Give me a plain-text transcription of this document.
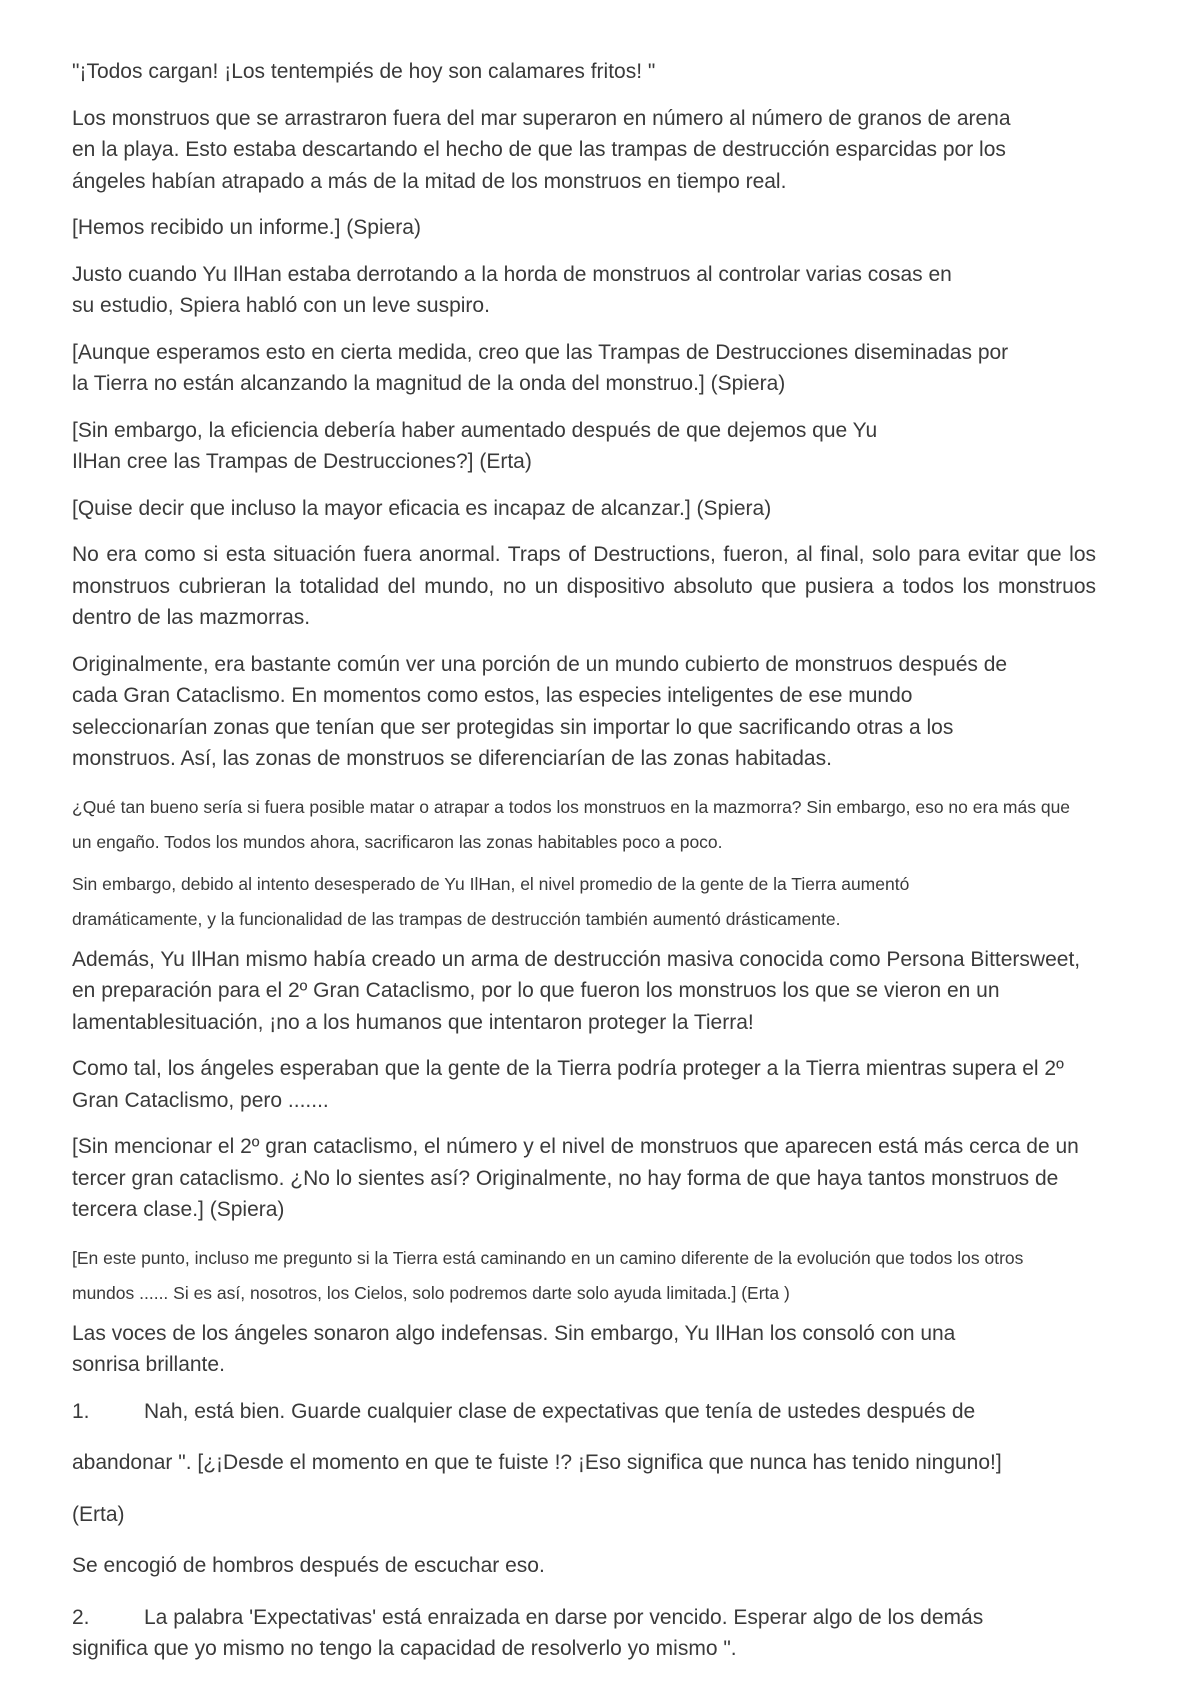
"¡Todos cargan! ¡Los tentempiés de hoy son calamares fritos! "

Los monstruos que se arrastraron fuera del mar superaron en número al número de granos de arena en la playa. Esto estaba descartando el hecho de que las trampas de destrucción esparcidas por los ángeles habían atrapado a más de la mitad de los monstruos en tiempo real.

[Hemos recibido un informe.] (Spiera)

Justo cuando Yu IlHan estaba derrotando a la horda de monstruos al controlar varias cosas en su estudio, Spiera habló con un leve suspiro.

[Aunque esperamos esto en cierta medida, creo que las Trampas de Destrucciones diseminadas por la Tierra no están alcanzando la magnitud de la onda del monstruo.] (Spiera)

[Sin embargo, la eficiencia debería haber aumentado después de que dejemos que Yu IlHan cree las Trampas de Destrucciones?] (Erta)

[Quise decir que incluso la mayor eficacia es incapaz de alcanzar.] (Spiera)

No era como si esta situación fuera anormal. Traps of Destructions, fueron, al final, solo para evitar que los monstruos cubrieran la totalidad del mundo, no un dispositivo absoluto que pusiera a todos los monstruos dentro de las mazmorras.

Originalmente, era bastante común ver una porción de un mundo cubierto de monstruos después de cada Gran Cataclismo. En momentos como estos, las especies inteligentes de ese mundo seleccionarían zonas que tenían que ser protegidas sin importar lo que sacrificando otras a los monstruos. Así, las zonas de monstruos se diferenciarían de las zonas habitadas.

¿Qué tan bueno sería si fuera posible matar o atrapar a todos los monstruos en la mazmorra? Sin embargo, eso no era más que un engaño. Todos los mundos ahora, sacrificaron las zonas habitables poco a poco.

Sin embargo, debido al intento desesperado de Yu IlHan, el nivel promedio de la gente de la Tierra aumentó dramáticamente, y la funcionalidad de las trampas de destrucción también aumentó drásticamente.

Además, Yu IlHan mismo había creado un arma de destrucción masiva conocida como Persona Bittersweet, en preparación para el 2º Gran Cataclismo, por lo que fueron los monstruos los que se vieron en un lamentablesituación, ¡no a los humanos que intentaron proteger la Tierra!

Como tal, los ángeles esperaban que la gente de la Tierra podría proteger a la Tierra mientras supera el 2º Gran Cataclismo, pero .......

[Sin mencionar el 2º gran cataclismo, el número y el nivel de monstruos que aparecen está más cerca de un tercer gran cataclismo. ¿No lo sientes así? Originalmente, no hay forma de que haya tantos monstruos de tercera clase.] (Spiera)

[En este punto, incluso me pregunto si la Tierra está caminando en un camino diferente de la evolución que todos los otros mundos ...... Si es así, nosotros, los Cielos, solo podremos darte solo ayuda limitada.] (Erta )

Las voces de los ángeles sonaron algo indefensas. Sin embargo, Yu IlHan los consoló con una sonrisa brillante.

1.	Nah, está bien. Guarde cualquier clase de expectativas que tenía de ustedes después de

abandonar ". [¿¡Desde el momento en que te fuiste !? ¡Eso significa que nunca has tenido ninguno!]

(Erta)

Se encogió de hombros después de escuchar eso.

2.	La palabra 'Expectativas' está enraizada en darse por vencido. Esperar algo de los demás significa que yo mismo no tengo la capacidad de resolverlo yo mismo ".
